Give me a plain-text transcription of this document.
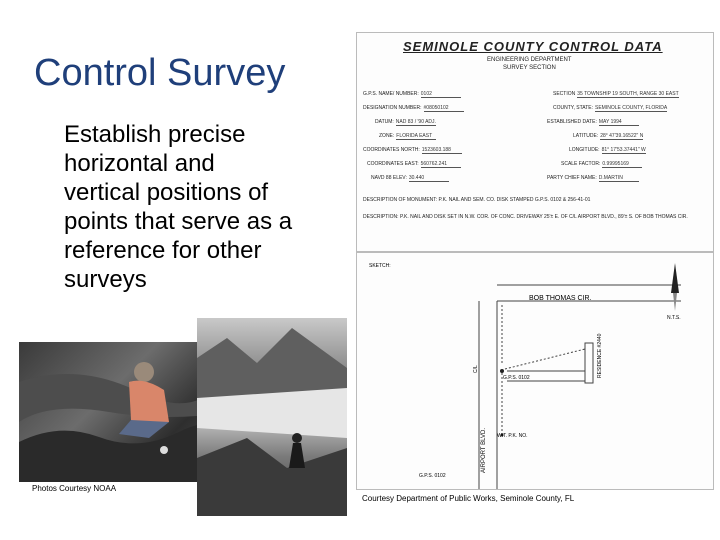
Control Survey
Establish precise
horizontal and
vertical positions of
points that serve as a
reference for other
surveys
Photos Courtesy NOAA
SEMINOLE COUNTY CONTROL DATA
ENGINEERING DEPARTMENT
SURVEY SECTION
G.P.S. NAME/ NUMBER: 0102
DESIGNATION NUMBER: #08050102
DATUM: NAD 83 / '90 ADJ.
ZONE: FLORIDA EAST
COORDINATES NORTH: 1523603.188
COORDINATES EAST: 560762.241
NAVD 88 ELEV: 30.440
SECTION 35 TOWNSHIP 19 SOUTH, RANGE 30 EAST
COUNTY, STATE: SEMINOLE COUNTY, FLORIDA
ESTABLISHED DATE: MAY 1994
LATITUDE: 28° 47'39.16522" N
LONGITUDE: 81° 17'53.37441" W
SCALE FACTOR: 0.99995169
PARTY CHIEF NAME: D.MARTIN
DESCRIPTION OF MONUMENT: P.K. NAIL AND SEM. CO. DISK STAMPED G.P.S. 0102 & 256-41-01
DESCRIPTION: P.K. NAIL AND DISK SET IN N.W. COR. OF CONC. DRIVEWAY 25'± E. OF C/L AIRPORT BLVD., 89'± S. OF BOB THOMAS CIR.
SKETCH:
BOB THOMAS CIR.
AIRPORT BLVD.
C/L	RESIDENCE #2440
N.T.S.
G.P.S. 0102
G.P.S. 0102
WIT. P.K. NO.
Courtesy Department of Public Works, Seminole County, FL
